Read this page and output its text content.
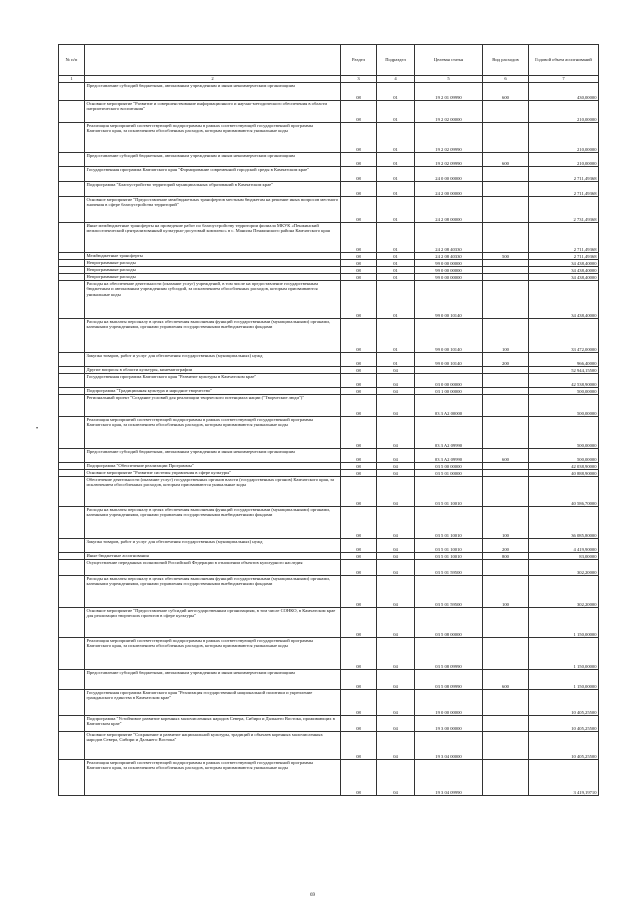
№ п/п		Раздел	Подраздел	Целевая статья	Вид расходов	Годовой объем ассигнований
1	2	3	4	5	6	7
	Предоставление субсидий бюджетным, автономным учреждениям и иным некоммерческим организациям	08	01	19 2 01 09990	600	430,00000
	Основное мероприятие "Развитие и совершенствование информационного и научно-методического обеспечения в области патриотического воспитания"	08	01	19 2 02 00000		210,00000
	Реализация мероприятий соответствующей подпрограммы в рамках соответствующей государственной программы Камчатского края, за исключением обособленных расходов, которым присваиваются уникальные коды	08	01	19 2 02 09990		210,00000
	Предоставление субсидий бюджетным, автономным учреждениям и иным некоммерческим организациям	08	01	19 2 02 09990	600	210,00000
	Государственная программа Камчатского края "Формирование современной городской среды в Камчатском крае"	08	01	24 0 00 00000		2 711,49368
	Подпрограмма "Благоустройство территорий муниципальных образований в Камчатском крае"	08	01	24 2 00 00000		2 711,49368
	Основное мероприятие "Предоставление межбюджетных трансфертов местным бюджетам на решение иных вопросов местного значения в сфере благоустройства территорий"	08	01	24 2 08 00000		2 731,49368
	Иные межбюджетные трансферты на проведение работ по благоустройству территории филиала МКУК «Пенжинский межпоселенческий централизованный культурно-досуговый комплекс» в с. Манилы Пенжинского района Камчатского края	08	01	24 2 08 40330		2 711,49368
	Межбюджетные трансферты	08	01	24 2 08 40330	500	2 711,49368
	Непрограммные расходы	08	01	99 0 00 00000		34 438,40000
	Непрограммные расходы	08	01	99 0 00 00000		34 438,40000
	Непрограммные расходы	08	01	99 0 00 00000		34 438,40000
	Расходы на обеспечение деятельности (оказание услуг) учреждений, в том числе на предоставление государственным бюджетным и автономным учреждениям субсидий, за исключением обособленных расходов, которым присваиваются уникальные коды	08	01	99 0 00 10140		34 438,40000
	Расходы на выплаты персоналу в целях обеспечения выполнения функций государственными (муниципальными) органами, казенными учреждениями, органами управления государственными внебюджетными фондами	08	01	99 0 00 10140	100	33 472,00000
	Закупка товаров, работ и услуг для обеспечения государственных (муниципальных) нужд	08	01	99 0 00 10140	200	966,40000
	Другие вопросы в области культуры, кинематографии	08	04			52 944,15500
	Государственная программа Камчатского края "Развитие культуры в Камчатском крае"	08	04	03 0 00 00000		42 538,90000
	Подпрограмма "Традиционная культура и народное творчество"	08	04	03 1 00 00000		500,00000
	Региональный проект "Создание условий для реализации творческого потенциала нации ("Творческие люди")"	08	04	03 3 A2 00000		500,00000
	Реализация мероприятий соответствующей подпрограммы в рамках соответствующей государственной программы Камчатского края, за исключением обособленных расходов, которым присваиваются уникальные коды	08	04	03 3 A2 09990		500,00000
	Предоставление субсидий бюджетным, автономным учреждениям и иным некоммерческим организациям	08	04	03 3 A2 09990	600	500,00000
	Подпрограмма "Обеспечение реализации Программы"	08	04	03 5 00 00000		42 038,90000
	Основное мероприятие "Развитие системы управления в сфере культуры"	08	04	03 5 01 00000		40 888,90000
	Обеспечение деятельности (оказание услуг) государственных органов власти (государственных органов) Камчатского края, за исключением обособленных расходов, которым присваиваются уникальные коды	08	04	03 5 01 10010		40 586,70000
	Расходы на выплаты персоналу в целях обеспечения выполнения функций государственными (муниципальными) органами, казенными учреждениями, органами управления государственными внебюджетными фондами	08	04	03 5 01 10010	100	36 085,80000
	Закупка товаров, работ и услуг для обеспечения государственных (муниципальных) нужд	08	04	03 5 01 10010	200	4 419,90000
	Иные бюджетные ассигнования	08	04	03 5 01 10010	800	83,00000
	Осуществление переданных полномочий Российской Федерации в отношении объектов культурного наследия	08	04	03 5 01 59500		302,20000
	Расходы на выплаты персоналу в целях обеспечения выполнения функций государственными (муниципальными) органами, казенными учреждениями, органами управления государственными внебюджетными фондами	08	04	03 5 01 59500	100	302,20000
	Основное мероприятие "Предоставление субсидий негосударственным организациям, в том числе СОНКО, в Камчатском крае для реализации творческих проектов в сфере культуры"	08	04	03 5 08 00000		1 150,00000
	Реализация мероприятий соответствующей подпрограммы в рамках соответствующей государственной программы Камчатского края, за исключением обособленных расходов, которым присваиваются уникальные коды	08	04	03 5 08 09990		1 150,00000
	Предоставление субсидий бюджетным, автономным учреждениям и иным некоммерческим организациям	08	04	03 5 08 09990	600	1 150,00000
	Государственная программа Камчатского края "Реализация государственной национальной политики и укрепление гражданского единства в Камчатском крае"	08	04	19 0 00 00000		10 405,25500
	Подпрограмма "Устойчивое развитие коренных малочисленных народов Севера, Сибири и Дальнего Востока, проживающих в Камчатском крае"	08	04	19 3 00 00000		10 405,25500
	Основное мероприятие "Сохранение и развитие национальной культуры, традиций и обычаев коренных малочисленных народов Севера, Сибири и Дальнего Востока"	08	04	19 3 04 00000		10 405,25500
	Реализация мероприятий соответствующей подпрограммы в рамках соответствующей государственной программы Камчатского края, за исключением обособленных расходов, которым присваиваются уникальные коды	08	04	19 3 04 09990		3 419,19710
•
69
